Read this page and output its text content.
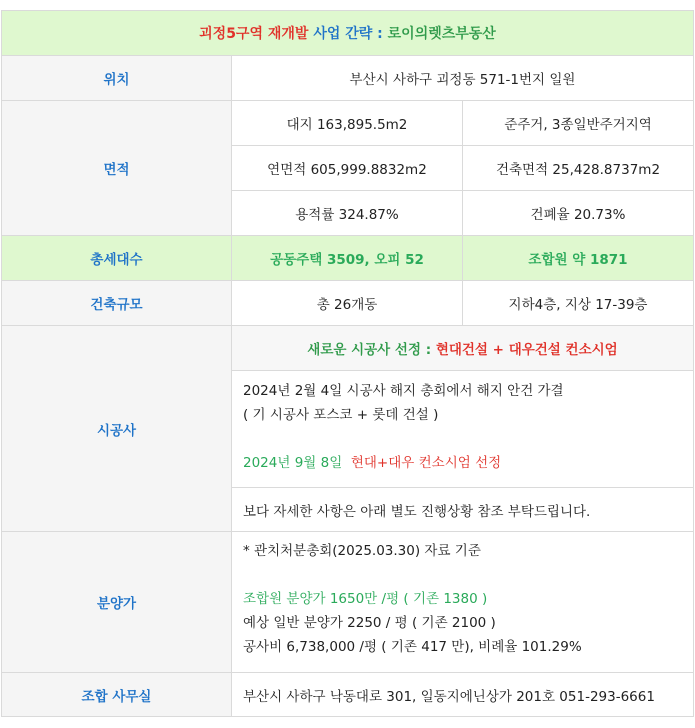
괴정5구역 재개발 사업 간략 : 로이의렛츠부동산		
위치	부산시 사하구 괴정동 571-1번지 일원	
면적	대지 163,895.5m2	준주거, 3종일반주거지역
	연면적 605,999.8832m2	건축면적 25,428.8737m2
	용적률 324.87%	건폐율 20.73%
총세대수	공동주택 3509, 오피 52	조합원 약 1871
건축규모	총 26개동	지하4층, 지상 17-39층
시공사	새로운 시공사 선정 : 현대건설 + 대우건설 컨소시엄	

	2024년 2월 4일 시공사 해지 총회에서 해지 안건 가결
( 기 시공사 포스코 + 롯데 건설 )
2024년 9월 8일 현대+대우 컨소시엄 선정	

	보다 자세한 사항은 아래 별도 진행상황 참조 부탁드립니다.	
분양가	* 관치처분총회(2025.03.30) 자료 기준
조합원 분양가 1650만 /평 ( 기존 1380 )
예상 일반 분양가 2250 / 평 ( 기존 2100 )
공사비 6,738,000 /평 ( 기존 417 만), 비례율 101.29%	

조합 사무실	부산시 사하구 낙동대로 301, 일동지에닌상가 201호 051-293-6661	
